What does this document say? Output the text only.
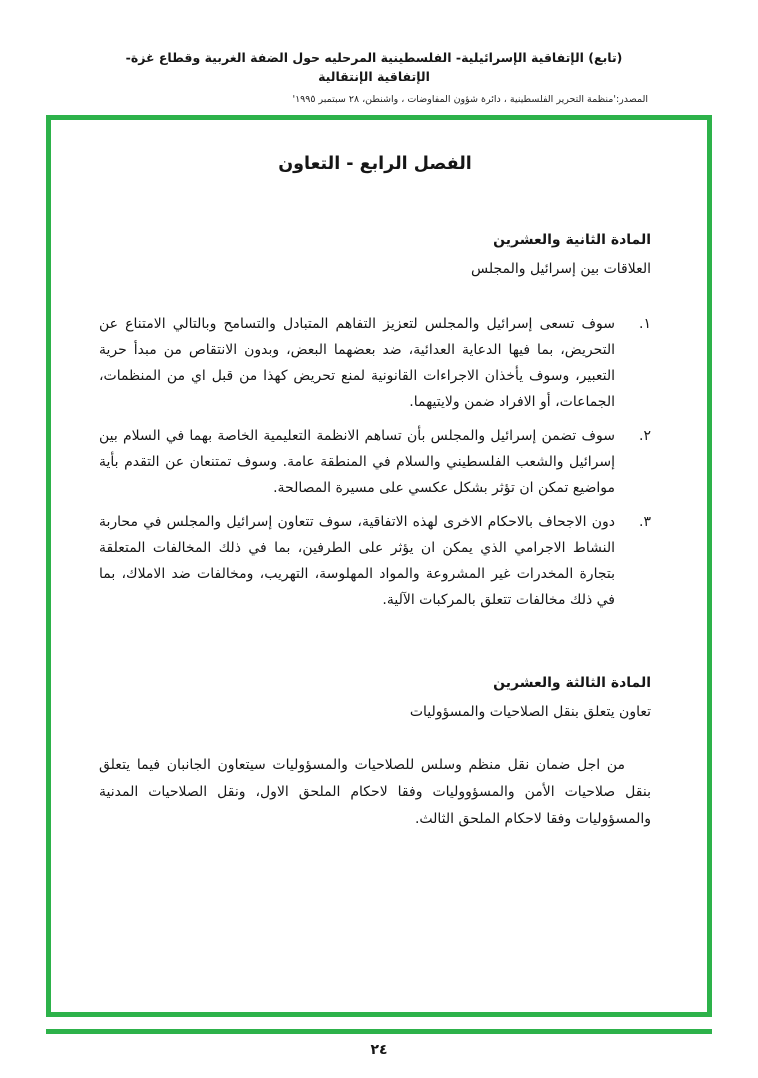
(تابع) الإتفاقية الإسرائيلية- الفلسطينية المرحليه حول الضفة الغربية وقطاع غزة- الإتفاقية الإنتقالية
المصدر:'منظمة التحرير الفلسطينية ، دائرة شؤون المفاوضات ، واشنطن، ٢٨ سبتمبر ١٩٩٥'
الفصل الرابع - التعاون
المادة الثانية والعشرين
العلاقات بين إسرائيل والمجلس
١.
سوف تسعى إسرائيل والمجلس لتعزيز التفاهم المتبادل والتسامح وبالتالي الامتناع عن التحريض، بما فيها الدعاية العدائية، ضد بعضهما البعض، وبدون الانتقاص من مبدأ حرية التعبير، وسوف يأخذان الاجراءات القانونية لمنع تحريض كهذا من قبل اي من المنظمات، الجماعات، أو الافراد ضمن ولايتيهما.
٢.
سوف تضمن إسرائيل والمجلس بأن تساهم الانظمة التعليمية الخاصة بهما في السلام بين إسرائيل والشعب الفلسطيني والسلام في المنطقة عامة. وسوف تمتنعان عن التقدم بأية مواضيع تمكن ان تؤثر بشكل عكسي على مسيرة المصالحة.
٣.
دون الاجحاف بالاحكام الاخرى لهذه الاتفاقية، سوف تتعاون إسرائيل والمجلس في محاربة النشاط الاجرامي الذي يمكن ان يؤثر على الطرفين، بما في ذلك المخالفات المتعلقة بتجارة المخدرات غير المشروعة والمواد المهلوسة، التهريب، ومخالفات ضد الاملاك، بما في ذلك مخالفات تتعلق بالمركبات الآلية.
المادة الثالثة والعشرين
تعاون يتعلق بنقل الصلاحيات والمسؤوليات

من اجل ضمان نقل منظم وسلس للصلاحيات والمسؤوليات سيتعاون الجانبان فيما يتعلق بنقل صلاحيات الأمن والمسؤووليات وفقا لاحكام الملحق الاول، ونقل الصلاحيات المدنية والمسؤوليات وفقا لاحكام الملحق الثالث.

٢٤
